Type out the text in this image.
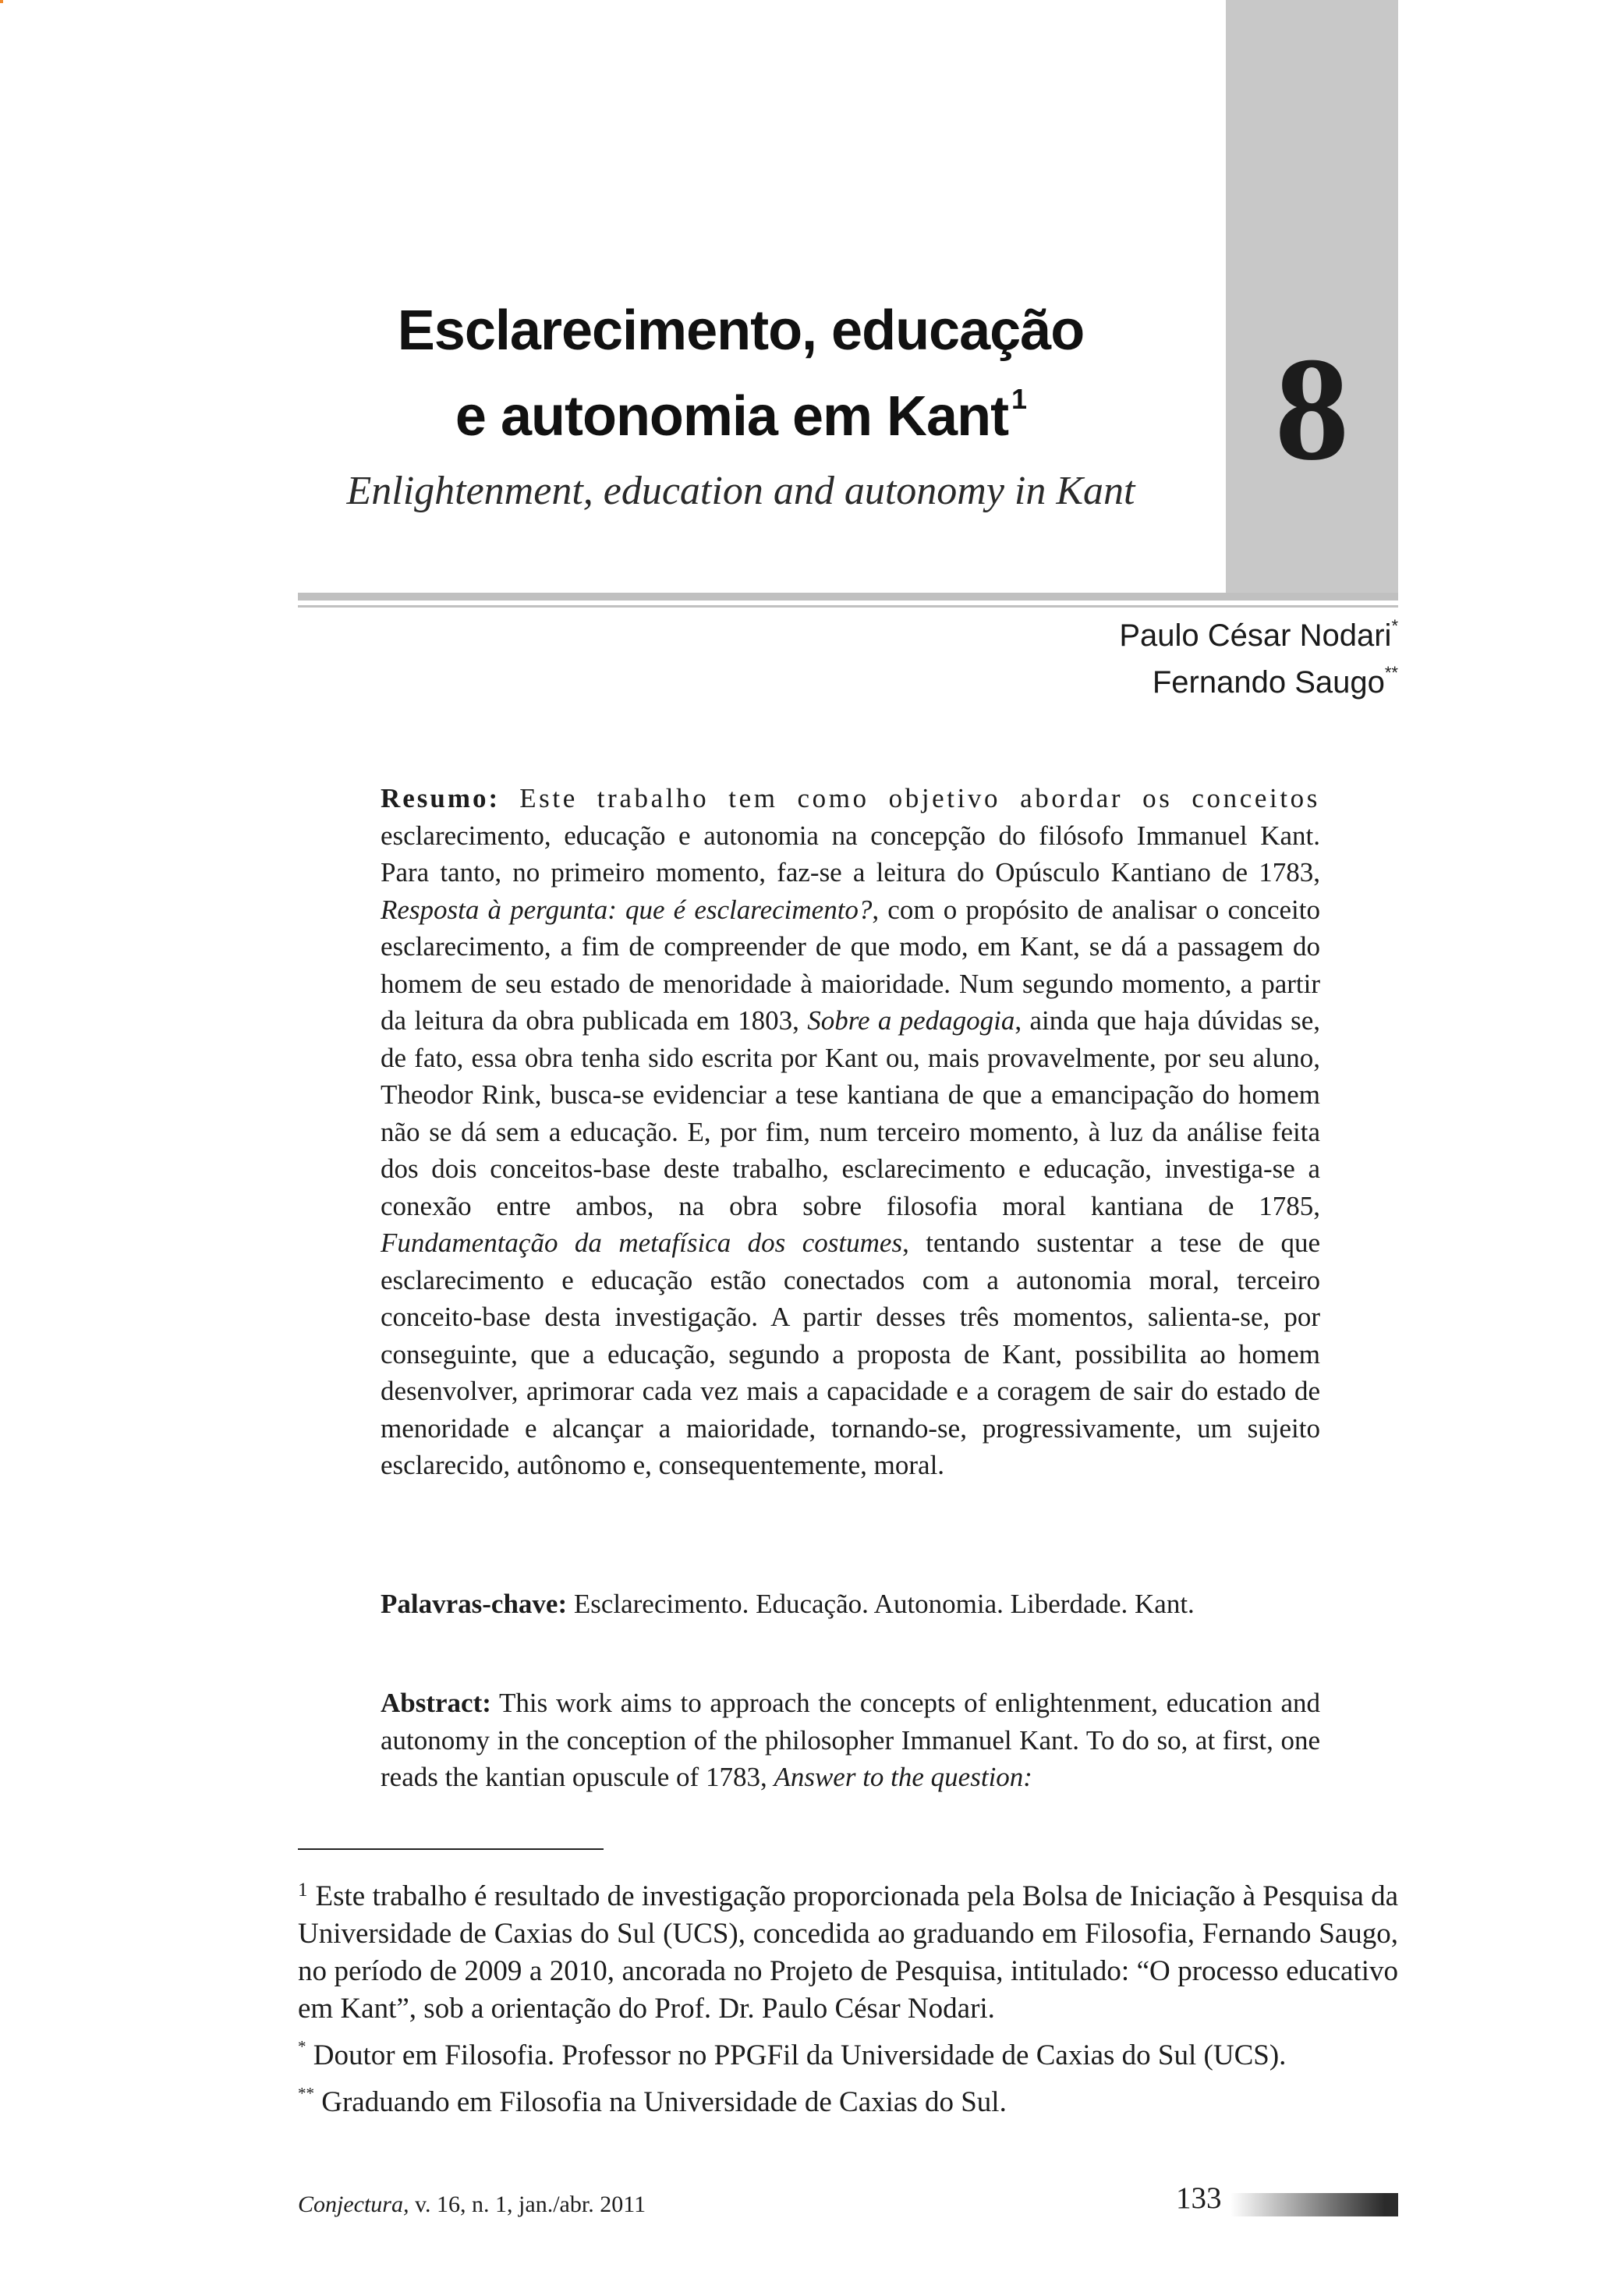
8
Esclarecimento, educação
e autonomia em Kant $^1$
Enlightenment, education and autonomy in Kant
Paulo César Nodari*
Fernando Saugo**
Resumo: Este trabalho tem como objetivo abordar os conceitos
esclarecimento, educação e autonomia na concepção do filósofo Immanuel Kant. Para tanto, no primeiro momento, faz-se a leitura do Opúsculo Kantiano de 1783, Resposta à pergunta: que é esclarecimento?, com o propósito de analisar o conceito esclarecimento, a fim de compreender de que modo, em Kant, se dá a passagem do homem de seu estado de menoridade à maioridade. Num segundo momento, a partir da leitura da obra publicada em 1803, Sobre a pedagogia, ainda que haja dúvidas se, de fato, essa obra tenha sido escrita por Kant ou, mais provavelmente, por seu aluno, Theodor Rink, busca-se evidenciar a tese kantiana de que a emancipação do homem não se dá sem a educação. E, por fim, num terceiro momento, à luz da análise feita dos dois conceitos-base deste trabalho, esclarecimento e educação, investiga-se a conexão entre ambos, na obra sobre filosofia moral kantiana de 1785, Fundamentação da metafísica dos costumes, tentando sustentar a tese de que esclarecimento e educação estão conectados com a autonomia moral, terceiro conceito-base desta investigação. A partir desses três momentos, salienta-se, por conseguinte, que a educação, segundo a proposta de Kant, possibilita ao homem desenvolver, aprimorar cada vez mais a capacidade e a coragem de sair do estado de menoridade e alcançar a maioridade, tornando-se, progressivamente, um sujeito esclarecido, autônomo e, consequentemente, moral.
Palavras-chave: Esclarecimento. Educação. Autonomia. Liberdade. Kant.
Abstract: This work aims to approach the concepts of enlightenment, education and autonomy in the conception of the philosopher Immanuel Kant. To do so, at first, one reads the kantian opuscule of 1783, Answer to the question:

$^1$ Este trabalho é resultado de investigação proporcionada pela Bolsa de Iniciação à Pesquisa da Universidade de Caxias do Sul (UCS), concedida ao graduando em Filosofia, Fernando Saugo, no período de 2009 a 2010, ancorada no Projeto de Pesquisa, intitulado: “O processo educativo em Kant”, sob a orientação do Prof. Dr. Paulo César Nodari.

* Doutor em Filosofia. Professor no PPGFil da Universidade de Caxias do Sul (UCS).

** Graduando em Filosofia na Universidade de Caxias do Sul.

Conjectura, v. 16, n. 1, jan./abr. 2011	133
